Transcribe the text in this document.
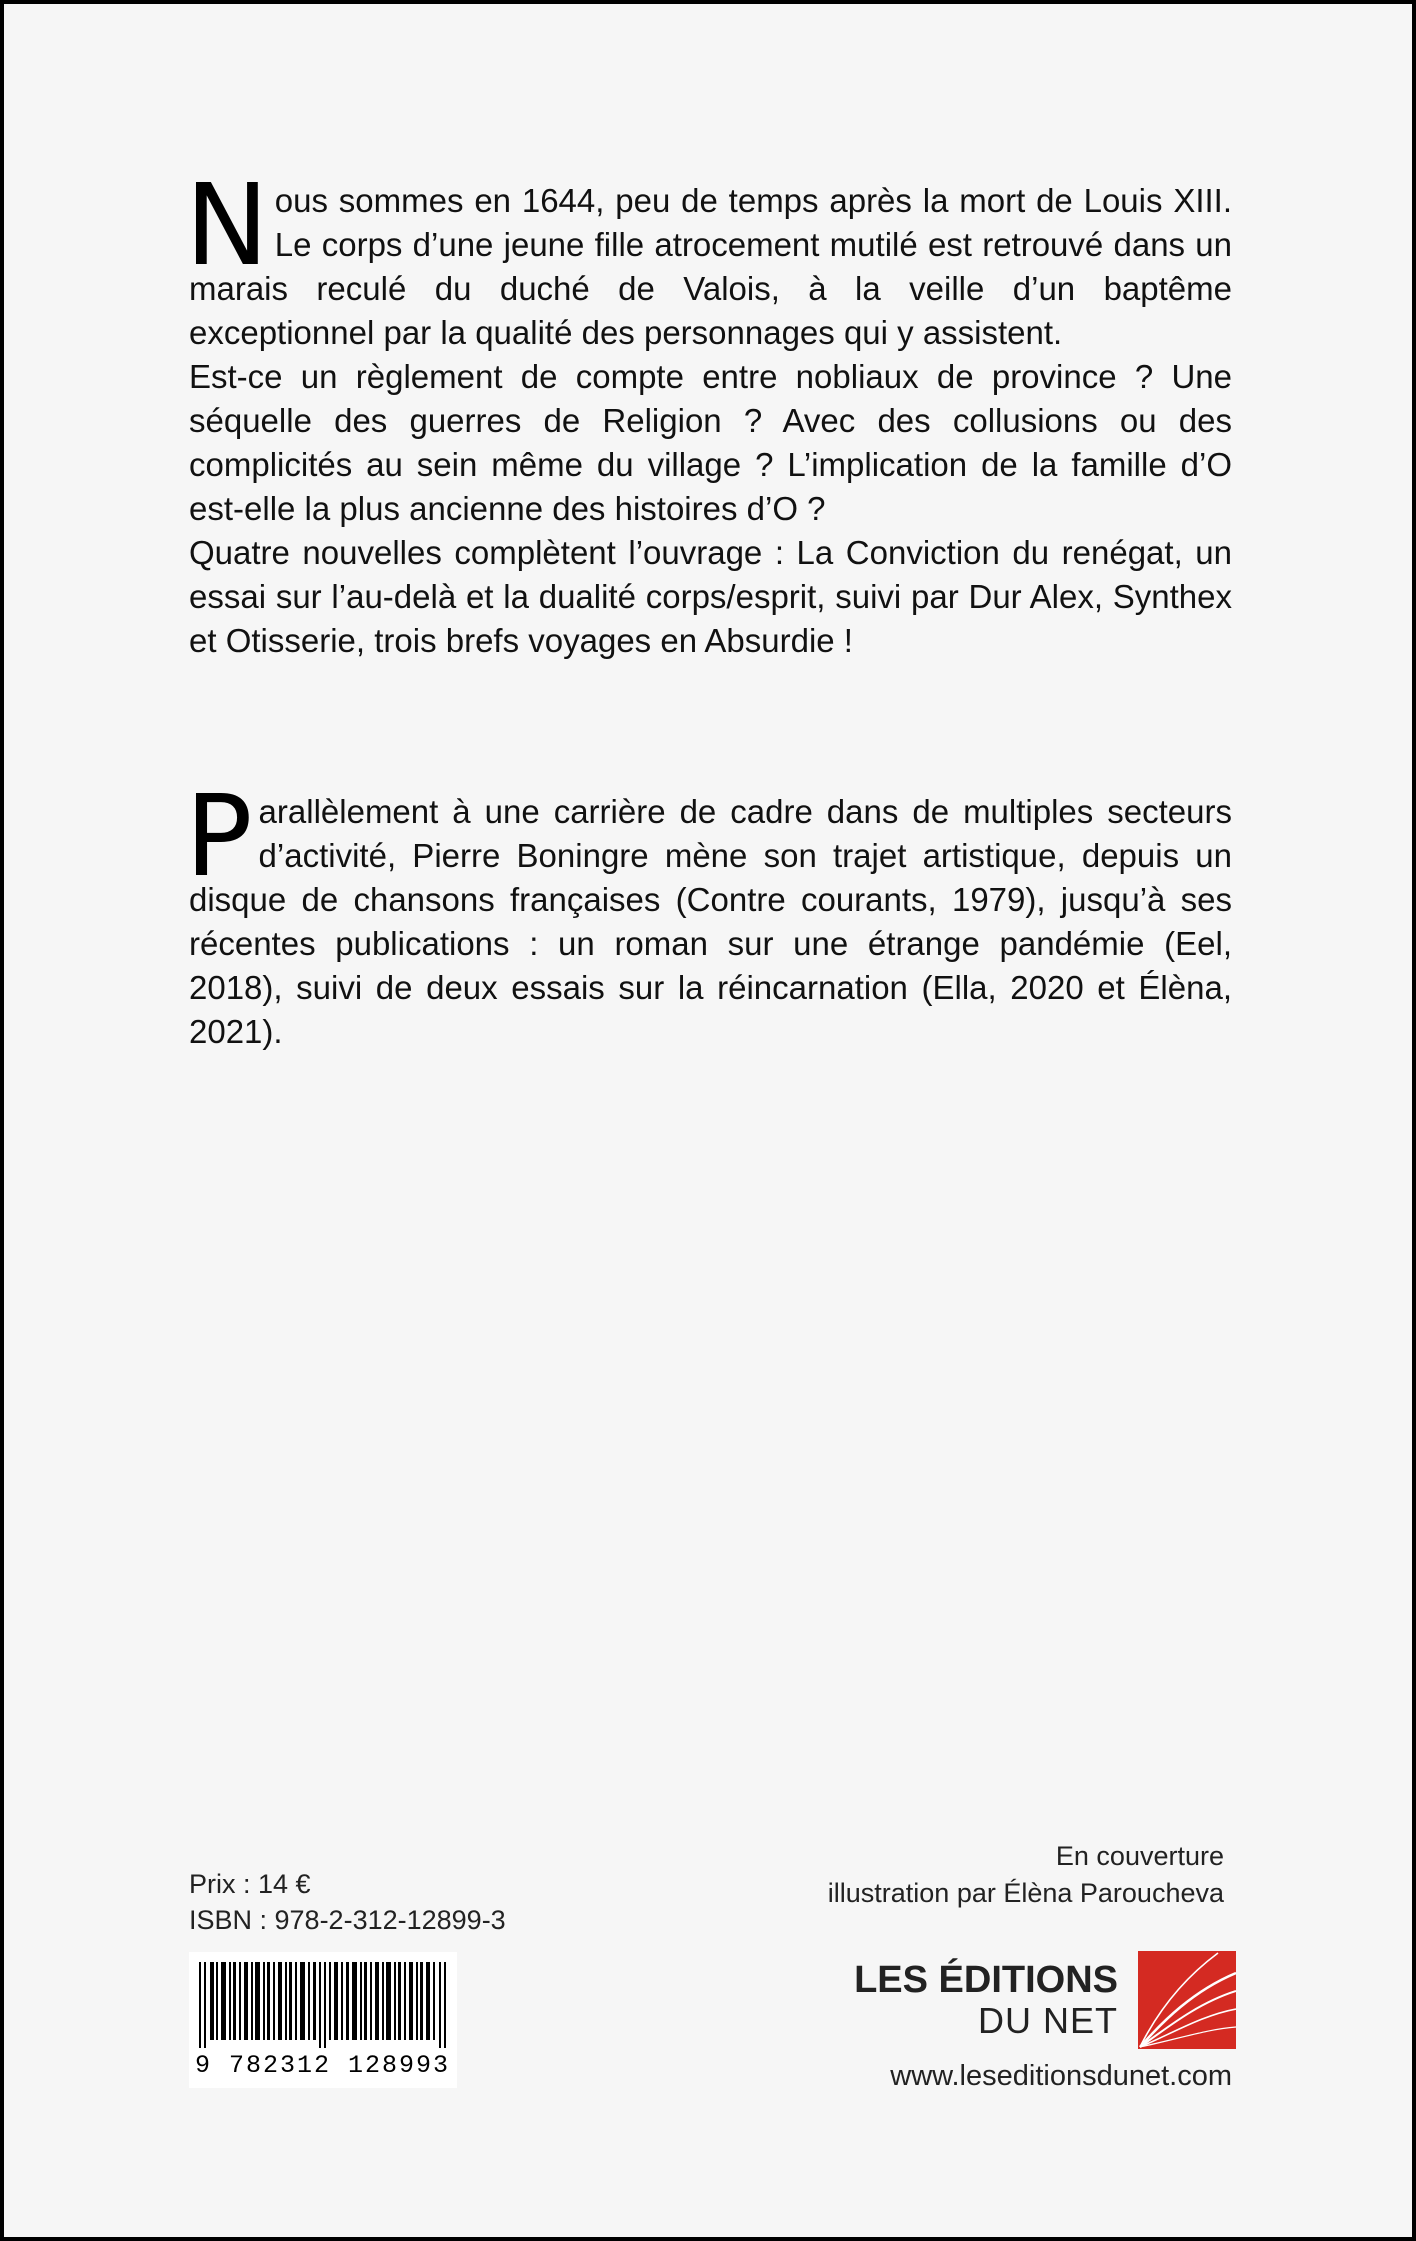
N ous sommes en 1644, peu de temps après la mort de Louis XIII. Le corps d’une jeune fille atrocement mutilé est retrouvé dans un marais reculé du duché de Valois, à la veille d’un baptême exceptionnel par la qualité des personnages qui y assistent.

Est-ce un règlement de compte entre nobliaux de province ? Une séquelle des guerres de Religion ? Avec des collusions ou des complicités au sein même du village ? L’implication de la famille d’O est-elle la plus ancienne des histoires d’O ?

Quatre nouvelles complètent l’ouvrage : La Conviction du renégat, un essai sur l’au-delà et la dualité corps/esprit, suivi par Dur Alex, Synthex et Otisserie, trois brefs voyages en Absurdie !

P arallèlement à une carrière de cadre dans de multiples secteurs d’activité, Pierre Boningre mène son trajet artistique, depuis un disque de chansons françaises (Contre courants, 1979), jusqu’à ses récentes publications : un roman sur une étrange pandémie (Eel, 2018), suivi de deux essais sur la réincarnation (Ella, 2020 et Élèna, 2021).

Prix : 14 €
ISBN : 978-2-312-12899-3
9 782312 128993
En couverture
illustration par Élèna Paroucheva
LES ÉDITIONS
DU NET
www.leseditionsdunet.com
